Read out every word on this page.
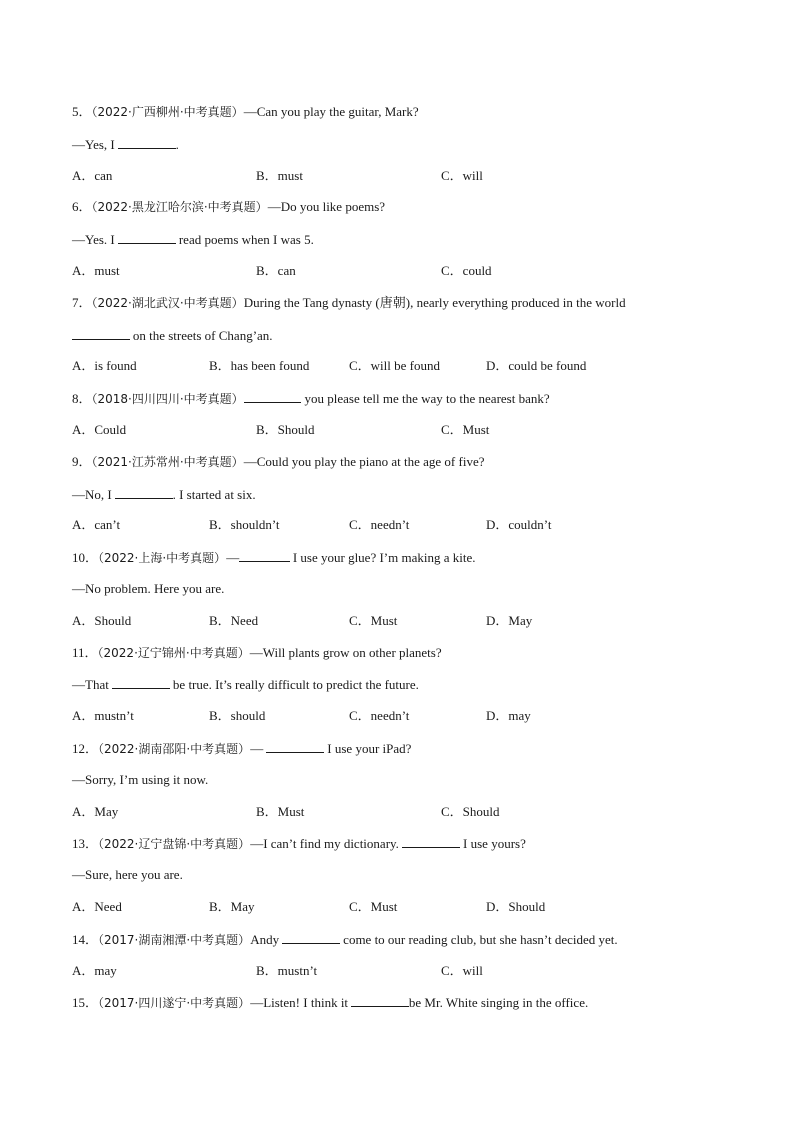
5．（2022·广西柳州·中考真题）—Can you play the guitar, Mark?
—Yes, I	.
A．can	B．must	C．will
6．（2022·黑龙江哈尔滨·中考真题）—Do you like poems?
—Yes. I	read poems when I was 5.
A．must	B．can	C．could
7．（2022·湖北武汉·中考真题）During the Tang dynasty (唐朝), nearly everything produced in the world
on the streets of Chang’an.
A．is found	B．has been found	C．will be found	D．could be found
8．（2018·四川四川·中考真题）	you please tell me the way to the nearest bank?
A．Could	B．Should	C．Must
9．（2021·江苏常州·中考真题）—Could you play the piano at the age of five?
—No, I	. I started at six.
A．can’t	B．shouldn’t	C．needn’t	D．couldn’t
10．（2022·上海·中考真题）—	I use your glue? I’m making a kite.
—No problem. Here you are.
A．Should	B．Need	C．Must	D．May
11．（2022·辽宁锦州·中考真题）—Will plants grow on other planets?
—That	be true. It’s really difficult to predict the future.
A．mustn’t	B．should	C．needn’t	D．may
12．（2022·湖南邵阳·中考真题）—	I use your iPad?
—Sorry, I’m using it now.
A．May	B．Must	C．Should
13．（2022·辽宁盘锦·中考真题）—I can’t find my dictionary.	I use yours?
—Sure, here you are.
A．Need	B．May	C．Must	D．Should
14．（2017·湖南湘潭·中考真题）Andy	come to our reading club, but she hasn’t decided yet.
A．may	B．mustn’t	C．will
15．（2017·四川遂宁·中考真题）—Listen! I think it	be Mr. White singing in the office.
